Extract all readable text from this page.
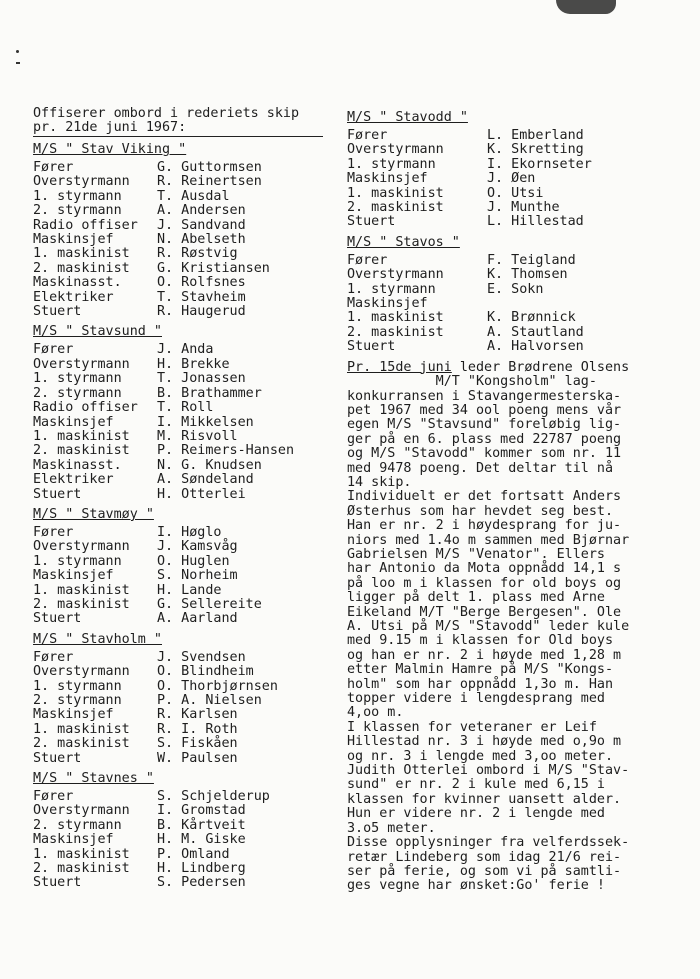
Offiserer ombord i rederiets skip
pr. 21de juni 1967:
M/S " Stav Viking "
Fører	G. Guttormsen
Overstyrmann	R. Reinertsen
1. styrmann	T. Ausdal
2. styrmann	A. Andersen
Radio offiser	J. Sandvand
Maskinsjef	N. Abelseth
1. maskinist	R. Røstvig
2. maskinist	G. Kristiansen
Maskinasst.	O. Rolfsnes
Elektriker	T. Stavheim
Stuert	R. Haugerud
M/S " Stavsund "
Fører	J. Anda
Overstyrmann	H. Brekke
1. styrmann	T. Jonassen
2. styrmann	B. Brathammer
Radio offiser	T. Roll
Maskinsjef	I. Mikkelsen
1. maskinist	M. Risvoll
2. maskinist	P. Reimers-Hansen
Maskinasst.	N. G. Knudsen
Elektriker	A. Søndeland
Stuert	H. Otterlei
M/S " Stavmøy "
Fører	I. Høglo
Overstyrmann	J. Kamsvåg
1. styrmann	O. Huglen
Maskinsjef	S. Norheim
1. maskinist	H. Lande
2. maskinist	G. Sellereite
Stuert	A. Aarland
M/S " Stavholm "
Fører	J. Svendsen
Overstyrmann	O. Blindheim
1. styrmann	O. Thorbjørnsen
2. styrmann	P. A. Nielsen
Maskinsjef	R. Karlsen
1. maskinist	R. I. Roth
2. maskinist	S. Fiskåen
Stuert	W. Paulsen
M/S " Stavnes "
Fører	S. Schjelderup
Overstyrmann	I. Gromstad
2. styrmann	B. Kårtveit
Maskinsjef	H. M. Giske
1. maskinist	P. Omland
2. maskinist	H. Lindberg
Stuert	S. Pedersen
M/S " Stavodd "
Fører	L. Emberland
Overstyrmann	K. Skretting
1. styrmann	I. Ekornseter
Maskinsjef	J. Øen
1. maskinist	O. Utsi
2. maskinist	J. Munthe
Stuert	L. Hillestad
M/S " Stavos "
Fører	F. Teigland
Overstyrmann	K. Thomsen
1. styrmann	E. Sokn
Maskinsjef
1. maskinist	K. Brønnick
2. maskinist	A. Stautland
Stuert	A. Halvorsen
Pr. 15de juni leder Brødrene Olsens
M/T "Kongsholm" lag-
konkurransen i Stavangermesterska-
pet 1967 med 34 ool poeng mens vår
egen M/S "Stavsund" foreløbig lig-
ger på en 6. plass med 22787 poeng
og M/S "Stavodd" kommer som nr. 11
med 9478 poeng. Det deltar til nå
14 skip.
Individuelt er det fortsatt Anders
Østerhus som har hevdet seg best.
Han er nr. 2 i høydesprang for ju-
niors med 1.4o m sammen med Bjørnar
Gabrielsen M/S "Venator". Ellers
har Antonio da Mota oppnådd 14,1 s
på loo m i klassen for old boys og
ligger på delt 1. plass med Arne
Eikeland M/T "Berge Bergesen". Ole
A. Utsi på M/S "Stavodd" leder kule
med 9.15 m i klassen for Old boys
og han er nr. 2 i høyde med 1,28 m
etter Malmin Hamre på M/S "Kongs-
holm" som har oppnådd 1,3o m. Han
topper videre i lengdesprang med
4,oo m.
I klassen for veteraner er Leif
Hillestad nr. 3 i høyde med o,9o m
og nr. 3 i lengde med 3,oo meter.
Judith Otterlei ombord i M/S "Stav-
sund" er nr. 2 i kule med 6,15 i
klassen for kvinner uansett alder.
Hun er videre nr. 2 i lengde med
3.o5 meter.
Disse opplysninger fra velferdssek-
retær Lindeberg som idag 21/6 rei-
ser på ferie, og som vi på samtli-
ges vegne har ønsket:Go' ferie !
